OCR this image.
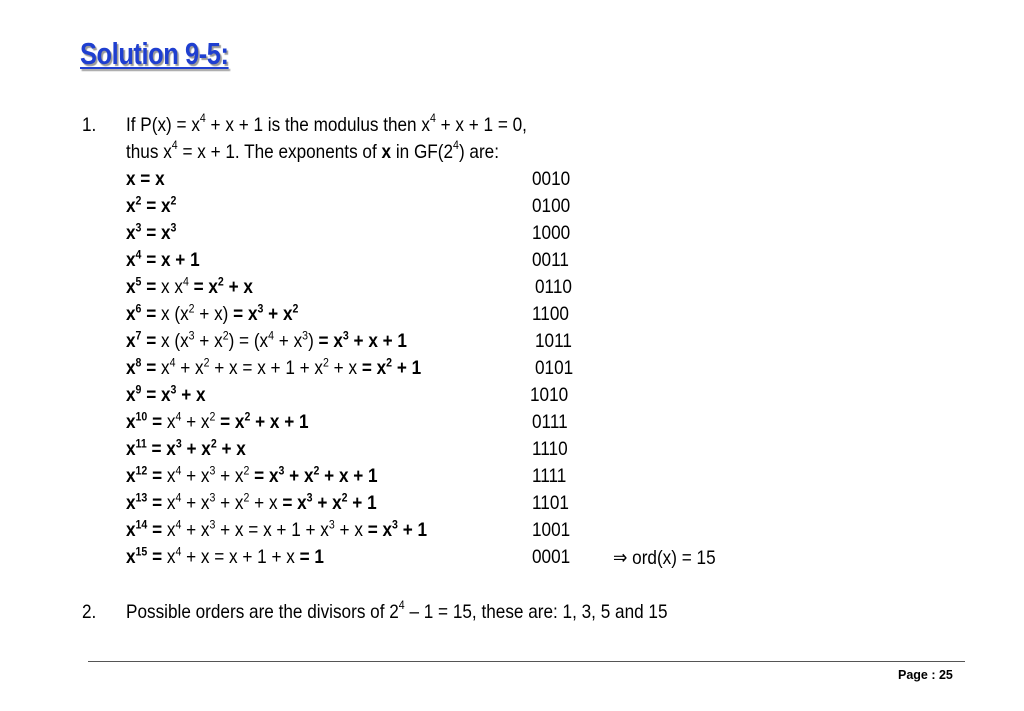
Solution 9-5:
1. If $P(x) = x^4 + x + 1$ is the modulus then $x^4 + x + 1 = 0$,
thus $x^4 = x + 1$. The exponents of x in $GF(2^4)$ are:
x = x
$x^2 = x^2$
$x^3 = x^3$
$x^4 = x + 1$
$x^5 = x$ $x^4 = x^2 + x$
$x^6 = x$ $(x^2 + x) = x^3 + x^2$
$x^7 = x$ $(x^3 + x^2) = (x^4 + x^3) = x^3 + x + 1$
$x^8 = x^4 + x^2 + x = x + 1 + x^2 + x = x^2 + 1$
$x^9 = x^3 + x$
$x^{10} = x^4 + x^2 = x^2 + x + 1$
$x^{11} = x^3 + x^2 + x$
$x^{12} = x^4 + x^3 + x^2 = x^3 + x^2 + x + 1$
$x^{13} = x^4 + x^3 + x^2 + x = x^3 + x^2 + 1$
$x^{14} = x^4 + x^3 + x = x + 1 + x^3 + x = x^3 + 1$
$x^{15} = x^4 + x = x + 1 + x = 1$
0010
0100
1000
0011
0110
1100
1011
0101
1010
0111
1110
1111
1101
1001
0001 ⇒ ord(x) = 15
2. Possible orders are the divisors of $2^4 - 1 = 15$, these are: 1, 3, 5 and 15
Page : 25
